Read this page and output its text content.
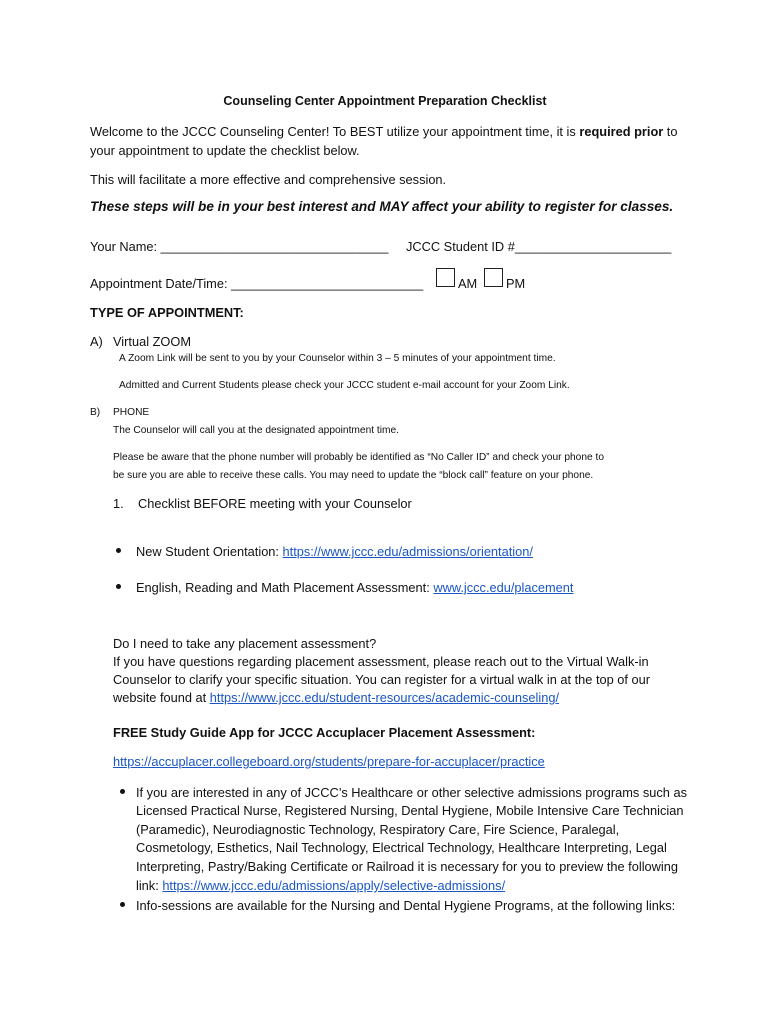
Counseling Center Appointment Preparation Checklist
Welcome to the JCCC Counseling Center! To BEST utilize your appointment time, it is required prior to
your appointment to update the checklist below.
This will facilitate a more effective and comprehensive session.
These steps will be in your best interest and MAY affect your ability to register for classes.
Your Name: ________________________________ JCCC Student ID #______________________
Appointment Date/Time: ___________________________	AM PM
TYPE OF APPOINTMENT:
A) Virtual ZOOM
A Zoom Link will be sent to you by your Counselor within 3 – 5 minutes of your appointment time.
Admitted and Current Students please check your JCCC student e-mail account for your Zoom Link.
B) PHONE
The Counselor will call you at the designated appointment time.
Please be aware that the phone number will probably be identified as “No Caller ID” and check your phone to
be sure you are able to receive these calls. You may need to update the “block call” feature on your phone.
1. Checklist BEFORE meeting with your Counselor
New Student Orientation: https://www.jccc.edu/admissions/orientation/
English, Reading and Math Placement Assessment: www.jccc.edu/placement
Do I need to take any placement assessment?
If you have questions regarding placement assessment, please reach out to the Virtual Walk-in
Counselor to clarify your specific situation. You can register for a virtual walk in at the top of our
website found at https://www.jccc.edu/student-resources/academic-counseling/
FREE Study Guide App for JCCC Accuplacer Placement Assessment:
https://accuplacer.collegeboard.org/students/prepare-for-accuplacer/practice
If you are interested in any of JCCC’s Healthcare or other selective admissions programs such as
Licensed Practical Nurse, Registered Nursing, Dental Hygiene, Mobile Intensive Care Technician
(Paramedic), Neurodiagnostic Technology, Respiratory Care, Fire Science, Paralegal,
Cosmetology, Esthetics, Nail Technology, Electrical Technology, Healthcare Interpreting, Legal
Interpreting, Pastry/Baking Certificate or Railroad it is necessary for you to preview the following
link: https://www.jccc.edu/admissions/apply/selective-admissions/
Info-sessions are available for the Nursing and Dental Hygiene Programs, at the following links:
